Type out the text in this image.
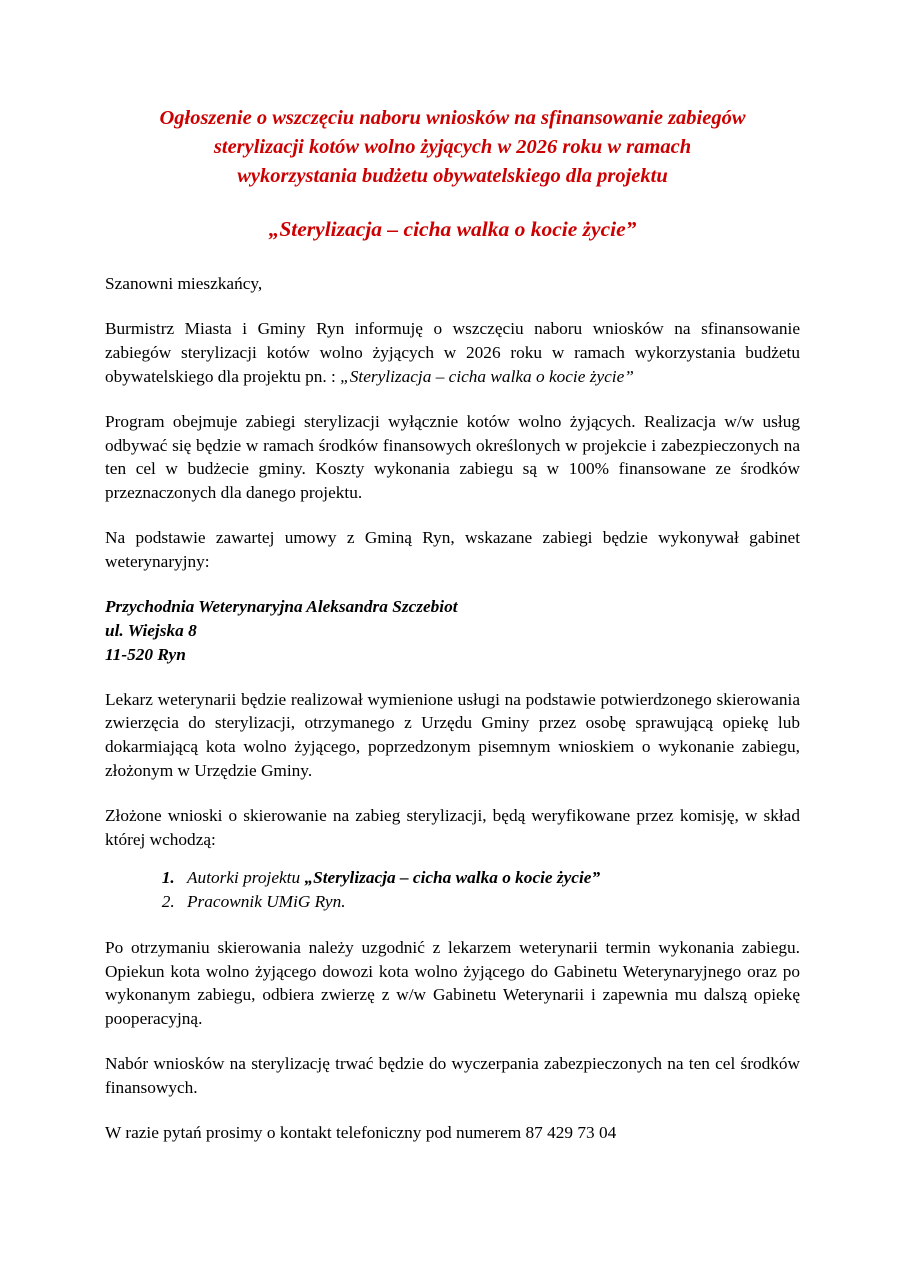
Ogłoszenie o wszczęciu naboru wniosków na sfinansowanie zabiegów
sterylizacji kotów wolno żyjących w 2026 roku w ramach
wykorzystania budżetu obywatelskiego dla projektu
„Sterylizacja – cicha walka o kocie życie”

Szanowni mieszkańcy,

Burmistrz Miasta i Gminy Ryn informuję o wszczęciu naboru wniosków na sfinansowanie zabiegów sterylizacji kotów wolno żyjących w 2026 roku w ramach wykorzystania budżetu obywatelskiego dla projektu pn. : „Sterylizacja – cicha walka o kocie życie”

Program obejmuje zabiegi sterylizacji wyłącznie kotów wolno żyjących. Realizacja w/w usług odbywać się będzie w ramach środków finansowych określonych w projekcie i zabezpieczonych na ten cel w budżecie gminy. Koszty wykonania zabiegu są w 100% finansowane ze środków przeznaczonych dla danego projektu.

Na podstawie zawartej umowy z Gminą Ryn, wskazane zabiegi będzie wykonywał gabinet weterynaryjny:

Przychodnia Weterynaryjna Aleksandra Szczebiot
ul. Wiejska 8
11-520 Ryn

Lekarz weterynarii będzie realizował wymienione usługi na podstawie potwierdzonego skierowania zwierzęcia do sterylizacji, otrzymanego z Urzędu Gminy przez osobę sprawującą opiekę lub dokarmiającą kota wolno żyjącego, poprzedzonym pisemnym wnioskiem o wykonanie zabiegu, złożonym w Urzędzie Gminy.

Złożone wnioski o skierowanie na zabieg sterylizacji, będą weryfikowane przez komisję, w skład której wchodzą:

1. Autorki projektu „Sterylizacja – cicha walka o kocie życie”
2. Pracownik UMiG Ryn.

Po otrzymaniu skierowania należy uzgodnić z lekarzem weterynarii termin wykonania zabiegu. Opiekun kota wolno żyjącego dowozi kota wolno żyjącego do Gabinetu Weterynaryjnego oraz po wykonanym zabiegu, odbiera zwierzę z w/w Gabinetu Weterynarii i zapewnia mu dalszą opiekę pooperacyjną.

Nabór wniosków na sterylizację trwać będzie do wyczerpania zabezpieczonych na ten cel środków finansowych.

W razie pytań prosimy o kontakt telefoniczny pod numerem 87 429 73 04
